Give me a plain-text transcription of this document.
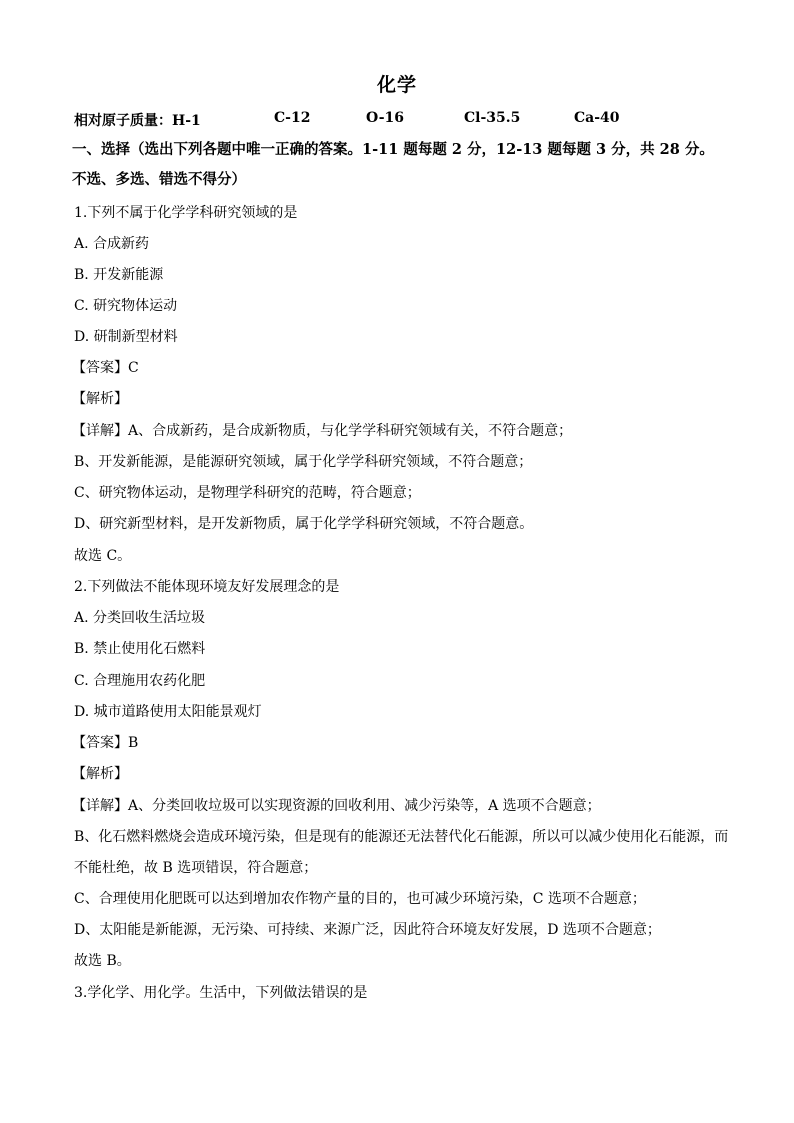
化学
相对原子质量：H-1	C-12	O-16	Cl-35.5	Ca-40
一、选择（选出下列各题中唯一正确的答案。1-11 题每题 2 分，12-13 题每题 3 分，共 28 分。
不选、多选、错选不得分）
1.下列不属于化学学科研究领域的是
A. 合成新药
B. 开发新能源
C. 研究物体运动
D. 研制新型材料
【答案】C
【解析】
【详解】A、合成新药，是合成新物质，与化学学科研究领域有关，不符合题意；
B、开发新能源，是能源研究领域，属于化学学科研究领域，不符合题意；
C、研究物体运动，是物理学科研究的范畴，符合题意；
D、研究新型材料，是开发新物质，属于化学学科研究领域，不符合题意。
故选 C。
2.下列做法不能体现环境友好发展理念的是
A. 分类回收生活垃圾
B. 禁止使用化石燃料
C. 合理施用农药化肥
D. 城市道路使用太阳能景观灯
【答案】B
【解析】
【详解】A、分类回收垃圾可以实现资源的回收利用、减少污染等，A 选项不合题意；
B、化石燃料燃烧会造成环境污染，但是现有的能源还无法替代化石能源，所以可以减少使用化石能源，而
不能杜绝，故 B 选项错误，符合题意；
C、合理使用化肥既可以达到增加农作物产量的目的，也可减少环境污染，C 选项不合题意；
D、太阳能是新能源，无污染、可持续、来源广泛，因此符合环境友好发展，D 选项不合题意；
故选 B。
3.学化学、用化学。生活中，下列做法错误的是
